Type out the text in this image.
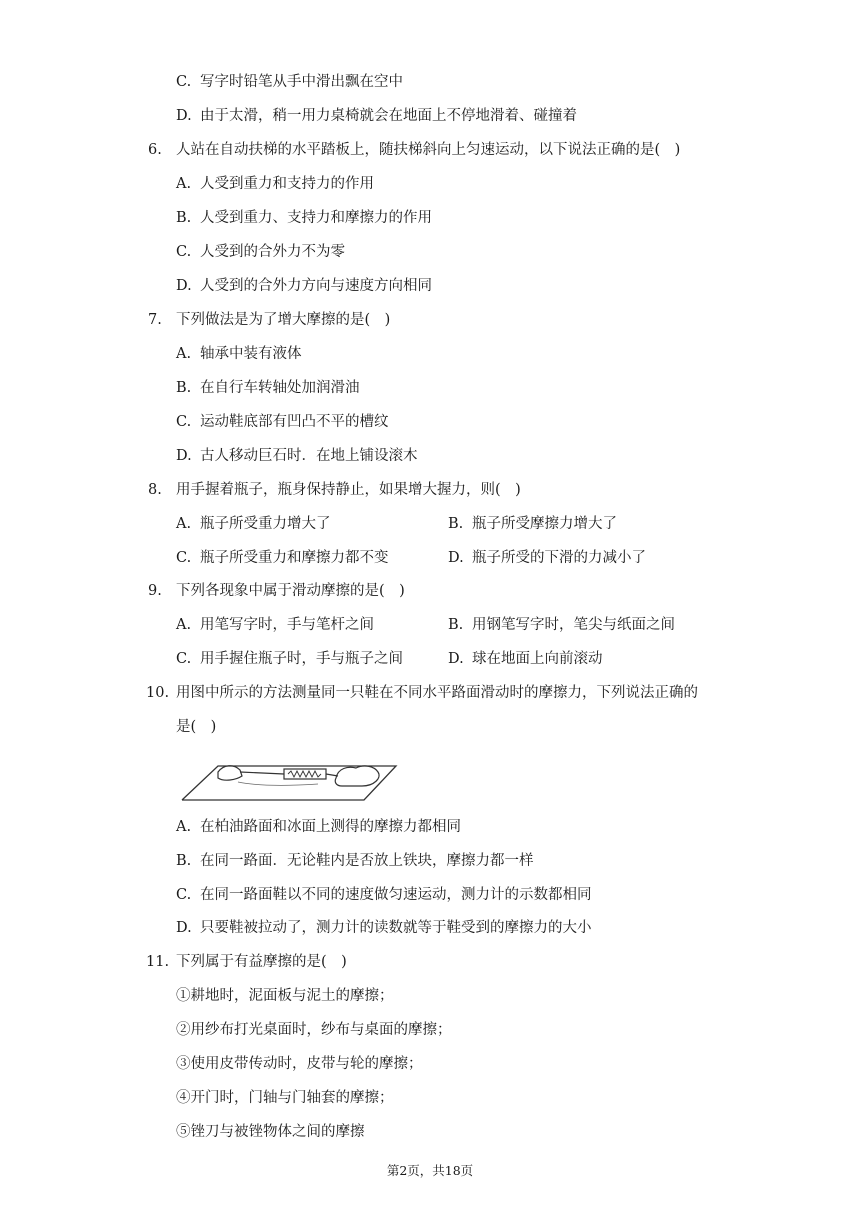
C. 写字时铅笔从手中滑出飘在空中
D. 由于太滑，稍一用力桌椅就会在地面上不停地滑着、碰撞着
6. 人站在自动扶梯的水平踏板上，随扶梯斜向上匀速运动，以下说法正确的是(　)
A. 人受到重力和支持力的作用
B. 人受到重力、支持力和摩擦力的作用
C. 人受到的合外力不为零
D. 人受到的合外力方向与速度方向相同
7. 下列做法是为了增大摩擦的是(　)
A. 轴承中装有液体
B. 在自行车转轴处加润滑油
C. 运动鞋底部有凹凸不平的槽纹
D. 古人移动巨石时．在地上铺设滚木
8. 用手握着瓶子，瓶身保持静止，如果增大握力，则(　)
A. 瓶子所受重力增大了	B. 瓶子所受摩擦力增大了
C. 瓶子所受重力和摩擦力都不变	D. 瓶子所受的下滑的力减小了
9. 下列各现象中属于滑动摩擦的是(　)
A. 用笔写字时，手与笔杆之间	B. 用钢笔写字时，笔尖与纸面之间
C. 用手握住瓶子时，手与瓶子之间	D. 球在地面上向前滚动
10. 用图中所示的方法测量同一只鞋在不同水平路面滑动时的摩擦力，下列说法正确的
是(　)
A. 在柏油路面和冰面上测得的摩擦力都相同
B. 在同一路面．无论鞋内是否放上铁块，摩擦力都一样
C. 在同一路面鞋以不同的速度做匀速运动，测力计的示数都相同
D. 只要鞋被拉动了，测力计的读数就等于鞋受到的摩擦力的大小
11. 下列属于有益摩擦的是(　)
①耕地时，泥面板与泥土的摩擦；
②用纱布打光桌面时，纱布与桌面的摩擦；
③使用皮带传动时，皮带与轮的摩擦；
④开门时，门轴与门轴套的摩擦；
⑤锉刀与被锉物体之间的摩擦
第2页，共18页
